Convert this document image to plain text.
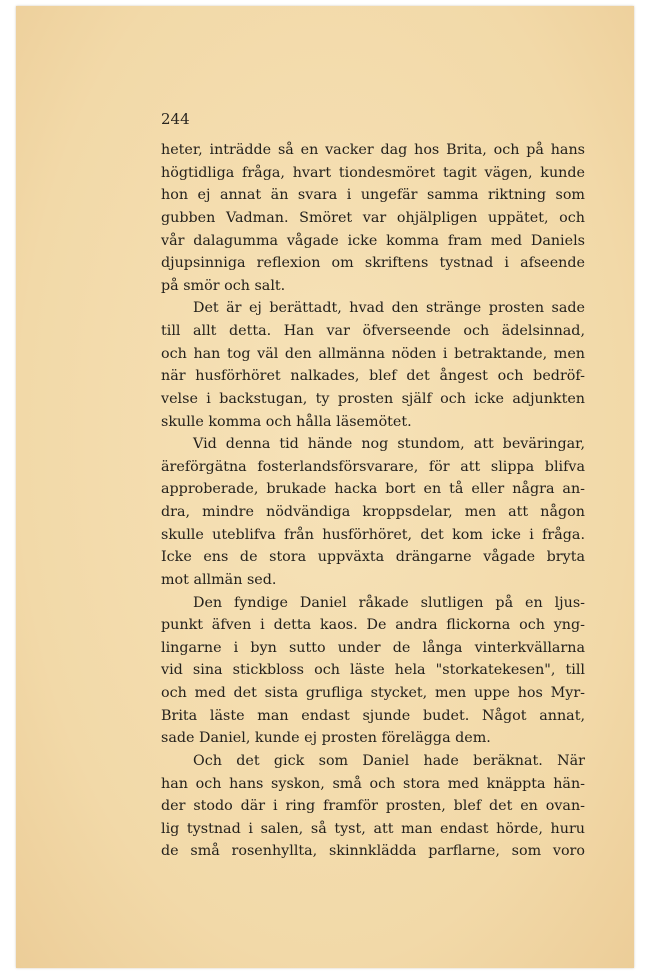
244

heter, inträdde så en vacker dag hos Brita, och på hans
högtidliga fråga, hvart tiondesmöret tagit vägen, kunde
hon ej annat än svara i ungefär samma riktning som
gubben Vadman. Smöret var ohjälpligen uppätet, och
vår dalagumma vågade icke komma fram med Daniels
djupsinniga reflexion om skriftens tystnad i afseende
på smör och salt.
Det är ej berättadt, hvad den stränge prosten sade
till allt detta. Han var öfverseende och ädelsinnad,
och han tog väl den allmänna nöden i betraktande, men
när husförhöret nalkades, blef det ångest och bedröf-
velse i backstugan, ty prosten själf och icke adjunkten
skulle komma och hålla läsemötet.
Vid denna tid hände nog stundom, att beväringar,
äreförgätna fosterlandsförsvarare, för att slippa blifva
approberade, brukade hacka bort en tå eller några an-
dra, mindre nödvändiga kroppsdelar, men att någon
skulle uteblifva från husförhöret, det kom icke i fråga.
Icke ens de stora uppväxta drängarne vågade bryta
mot allmän sed.
Den fyndige Daniel råkade slutligen på en ljus-
punkt äfven i detta kaos. De andra flickorna och yng-
lingarne i byn sutto under de långa vinterkvällarna
vid sina stickbloss och läste hela "storkatekesen", till
och med det sista grufliga stycket, men uppe hos Myr-
Brita läste man endast sjunde budet. Något annat,
sade Daniel, kunde ej prosten förelägga dem.
Och det gick som Daniel hade beräknat. När
han och hans syskon, små och stora med knäppta hän-
der stodo där i ring framför prosten, blef det en ovan-
lig tystnad i salen, så tyst, att man endast hörde, huru
de små rosenhyllta, skinnklädda parflarne, som voro
